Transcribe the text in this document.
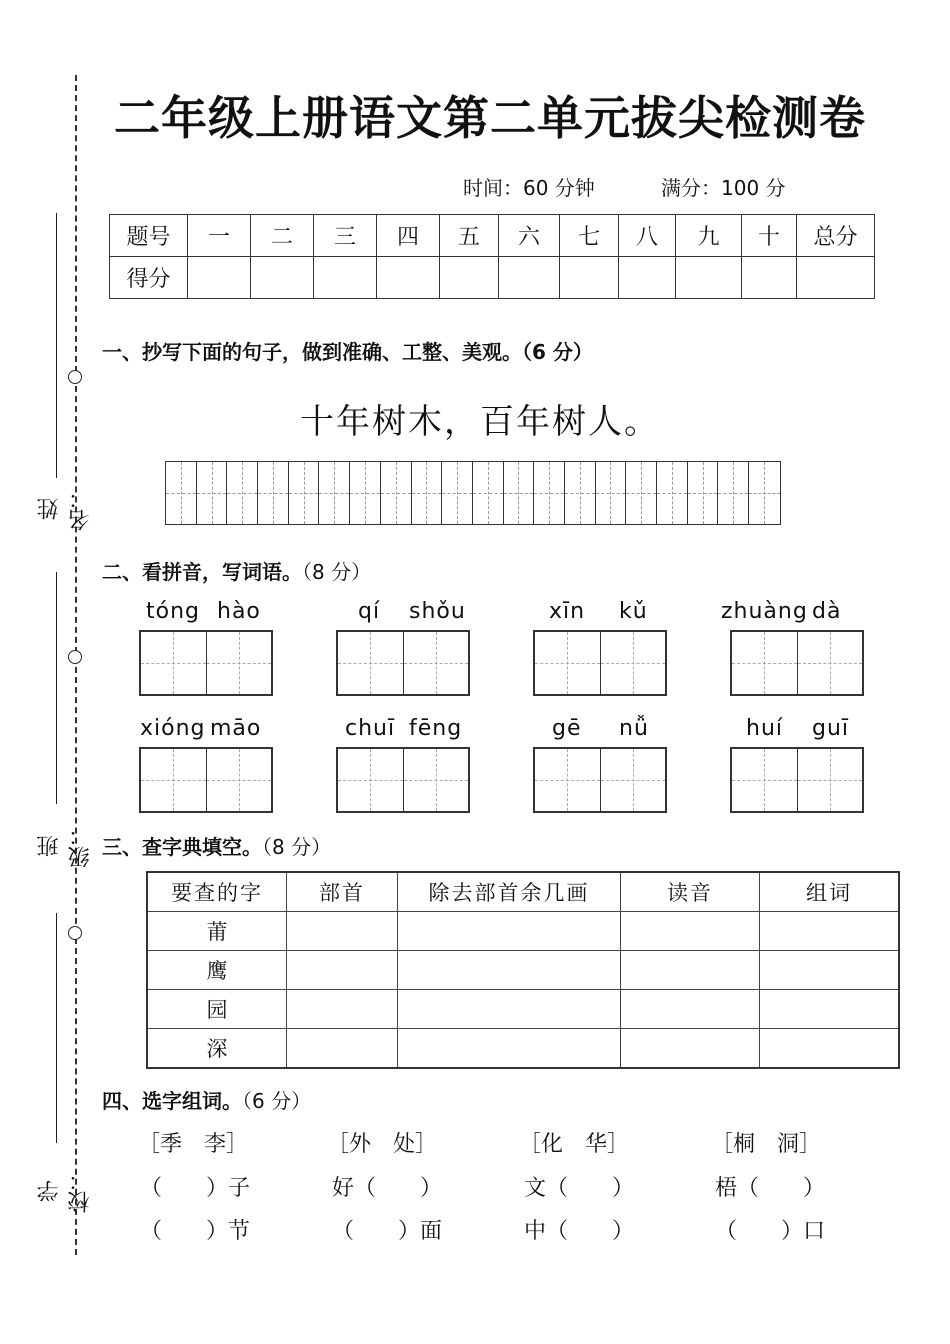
姓名：
班级：
学校：
二年级上册语文第二单元拔尖检测卷
时间：60 分钟	满分：100 分
题号	一	二	三	四	五	六	七	八	九	十	总分
得分											
一、抄写下面的句子，做到准确、工整、美观。（6 分）
十年树木，百年树人。
二、看拼音，写词语。（8 分）
tóng hào	qí shǒu	xīn kǔ	zhuàng dà
xióng māo	chuī fēng	gē nǚ	huí guī
三、查字典填空。（8 分）
要查的字	部首	除去部首余几画	读音	组词
莆				
鹰				
园				
深				
四、选字组词。（6 分）
［季　李］
（　　）子
（　　）节
［外　处］
好（　　）
（　　）面
［化　华］
文（　　）
中（　　）
［桐　洞］
梧（　　）
（　　）口
